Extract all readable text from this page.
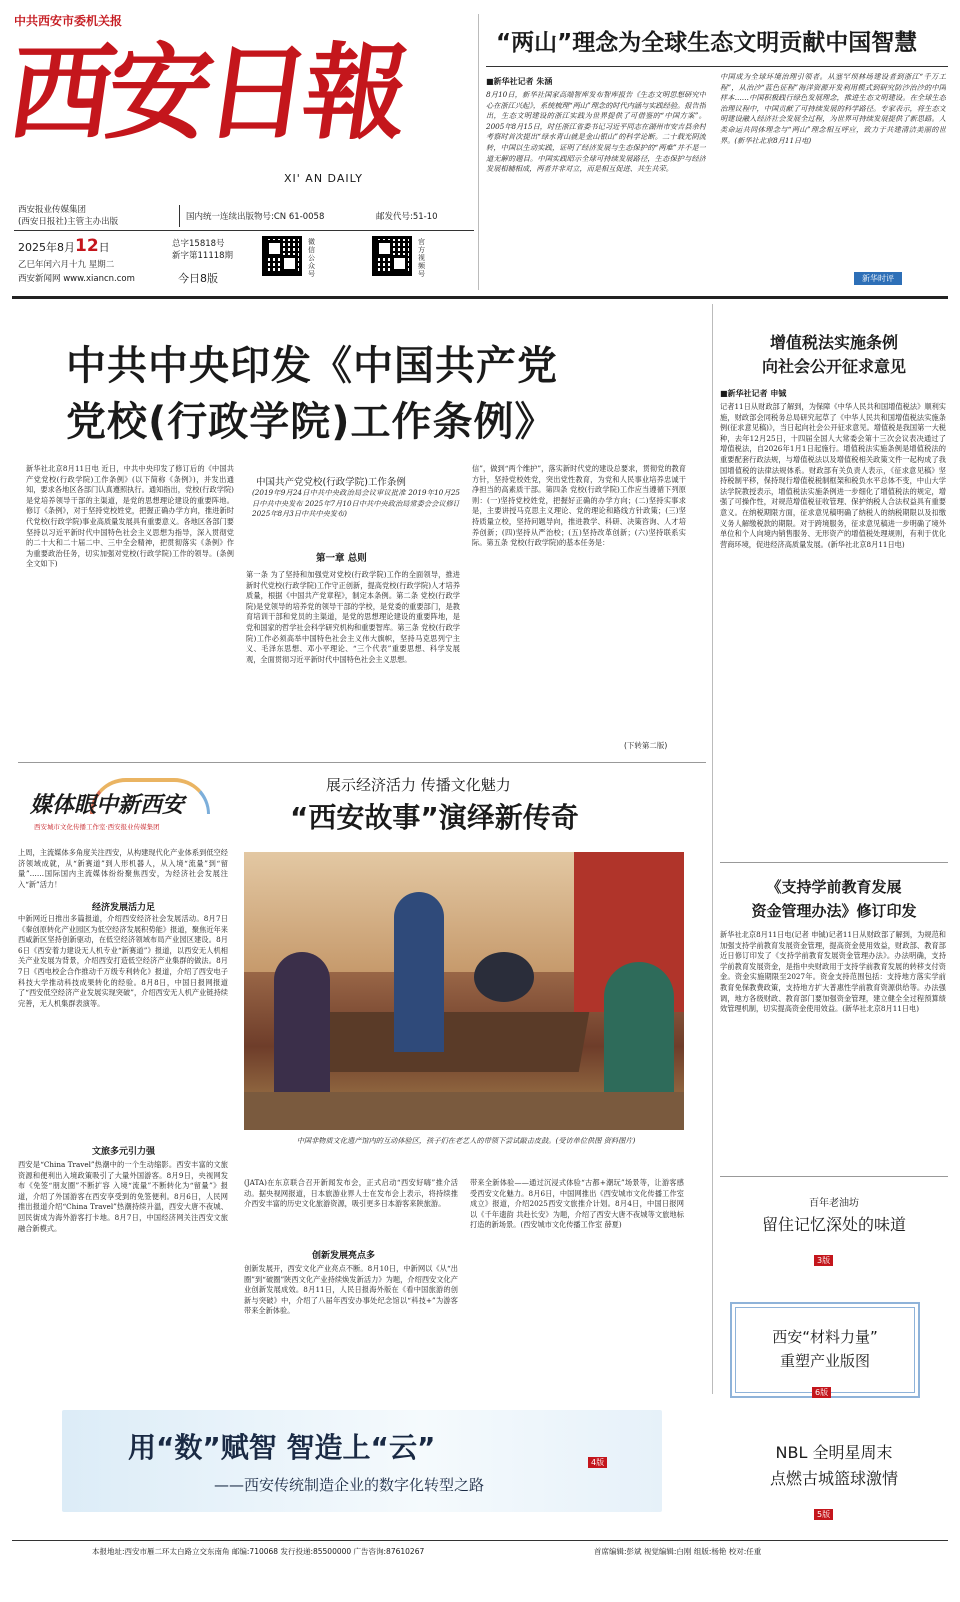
中共西安市委机关报
西安日報
XI' AN DAILY
西安报业传媒集团
(西安日报社)主管主办出版	国内统一连续出版物号:CN 61-0058	邮发代号:51-10
2025年8月12日
乙巳年闰六月十九 星期二
西安新闻网 www.xiancn.com
总字15818号
新字第11118期
今日8版
微信公众号
官方视频号
“两山”理念为全球生态文明贡献中国智慧
■新华社记者 朱涵
8月10日，新华社国家高端智库发布智库报告《生态文明思想研究中心在浙江兴起》，系统梳理“两山”理念的时代内涵与实践经验。报告指出，生态文明建设的浙江实践为世界提供了可借鉴的“中国方案”。2005年8月15日，时任浙江省委书记习近平同志在湖州市安吉县余村考察时首次提出“绿水青山就是金山银山”的科学论断。二十载光阴流转，中国以生动实践，证明了经济发展与生态保护的“两难”并不是一道无解的题目。中国实践昭示全球可持续发展路径，生态保护与经济发展相辅相成，两者并非对立，而是相互促进、共生共荣。
中国成为全球环境治理引领者。从塞罕坝林场建设者到浙江“千万工程”，从治沙“蓝色征程”海洋资源开发利用模式到研究防沙治沙的中国样本……中国积极践行绿色发展理念，推进生态文明建设。在全球生态治理议程中，中国贡献了可持续发展的科学路径。专家表示，将生态文明建设融入经济社会发展全过程，为世界可持续发展提供了新思路。人类命运共同体理念与“两山”理念相互呼应，致力于共建清洁美丽的世界。(新华社北京8月11日电)
新华时评
中共中央印发《中国共产党
党校(行政学院)工作条例》
新华社北京8月11日电 近日，中共中央印发了修订后的《中国共产党党校(行政学院)工作条例》(以下简称《条例》)，并发出通知，要求各地区各部门认真遵照执行。通知指出，党校(行政学院)是党培养领导干部的主渠道，是党的思想理论建设的重要阵地。修订《条例》，对于坚持党校姓党，把握正确办学方向，推进新时代党校(行政学院)事业高质量发展具有重要意义。各地区各部门要坚持以习近平新时代中国特色社会主义思想为指导，深入贯彻党的二十大和二十届二中、三中全会精神，把贯彻落实《条例》作为重要政治任务，切实加强对党校(行政学院)工作的领导。(条例全文如下)
中国共产党党校(行政学院)工作条例
(2019年9月24日中共中央政治局会议审议批准 2019年10月25日中共中央发布 2025年7月10日中共中央政治局常委会会议修订 2025年8月3日中共中央发布)
第一章 总则
第一条 为了坚持和加强党对党校(行政学院)工作的全面领导，推进新时代党校(行政学院)工作守正创新，提高党校(行政学院)人才培养质量，根据《中国共产党章程》，制定本条例。第二条 党校(行政学院)是党领导的培养党的领导干部的学校，是党委的重要部门，是教育培训干部和党员的主渠道，是党的思想理论建设的重要阵地，是党和国家的哲学社会科学研究机构和重要智库。第三条 党校(行政学院)工作必须高举中国特色社会主义伟大旗帜，坚持马克思列宁主义、毛泽东思想、邓小平理论、“三个代表”重要思想、科学发展观，全面贯彻习近平新时代中国特色社会主义思想。
信”，做到“两个维护”，落实新时代党的建设总要求，贯彻党的教育方针，坚持党校姓党，突出党性教育，为党和人民事业培养忠诚干净担当的高素质干部。第四条 党校(行政学院)工作应当遵循下列原则：(一)坚持党校姓党，把握好正确的办学方向；(二)坚持实事求是，主要讲授马克思主义理论、党的理论和路线方针政策；(三)坚持质量立校，坚持问题导向，推进教学、科研、决策咨询、人才培养创新；(四)坚持从严治校；(五)坚持改革创新；(六)坚持联系实际。第五条 党校(行政学院)的基本任务是：
(下转第二版)
增值税法实施条例
向社会公开征求意见
■新华社记者 申铖
记者11日从财政部了解到，为保障《中华人民共和国增值税法》顺利实施，财政部会同税务总局研究起草了《中华人民共和国增值税法实施条例(征求意见稿)》，当日起向社会公开征求意见。增值税是我国第一大税种，去年12月25日，十四届全国人大常委会第十三次会议表决通过了增值税法，自2026年1月1日起施行。增值税法实施条例是增值税法的重要配套行政法规，与增值税法以及增值税相关政策文件一起构成了我国增值税的法律法规体系。财政部有关负责人表示，《征求意见稿》坚持税制平移，保持现行增值税税制框架和税负水平总体不变，中山大学法学院教授表示，增值税法实施条例进一步细化了增值税法的规定，增强了可操作性，对规范增值税征收管理、保护纳税人合法权益具有重要意义。在纳税期限方面，征求意见稿明确了纳税人的纳税期限以及扣缴义务人解缴税款的期限。对于跨境服务，征求意见稿进一步明确了境外单位和个人向境内销售服务、无形资产的增值税处理规则，有利于优化营商环境，促进经济高质量发展。(新华社北京8月11日电)
《支持学前教育发展
资金管理办法》修订印发
新华社北京8月11日电(记者 申铖)记者11日从财政部了解到，为规范和加强支持学前教育发展资金管理，提高资金使用效益，财政部、教育部近日修订印发了《支持学前教育发展资金管理办法》。办法明确，支持学前教育发展资金，是指中央财政用于支持学前教育发展的转移支付资金。资金实施期限至2027年。资金支持范围包括：支持地方落实学前教育免保教费政策，支持地方扩大普惠性学前教育资源供给等。办法强调，地方各级财政、教育部门要加强资金管理，建立健全全过程预算绩效管理机制，切实提高资金使用效益。(新华社北京8月11日电)
媒体眼中新西安
西安城市文化传播工作室·西安报业传媒集团
展示经济活力 传播文化魅力
“西安故事”演绎新传奇
上周，主流媒体多角度关注西安，从构建现代化产业体系到低空经济领域成就，从“新赛道”到人形机器人，从入境“流量”到“留量”……国际国内主流媒体纷纷聚焦西安，为经济社会发展注入“新”活力！
经济发展活力足
中新网近日推出多篇报道，介绍西安经济社会发展活动。8月7日《秦创原转化产业园区为低空经济发展积势能》报道，聚焦近年来西咸新区坚持创新驱动，在低空经济领域布局产业园区建设。8月6日《西安着力建设无人机专业“新赛道”》报道，以西安无人机相关产业发展为背景，介绍西安打造低空经济产业集群的做法。8月7日《西电校企合作推动千万级专利转化》报道，介绍了西安电子科技大学推动科技成果转化的经验。8月8日，中国日报网报道了“西安低空经济产业发展实现突破”，介绍西安无人机产业链持续完善，无人机集群表演等。
文旅多元引力强
西安是“China Travel”热潮中的一个生动缩影。西安丰富的文旅资源和便利出入境政策吸引了大量外国游客。8月9日，央视网发布《免签“朋友圈”不断扩容 入境“流量”不断转化为“留量”》报道，介绍了外国游客在西安享受到的免签便利。8月6日，人民网推出报道介绍“China Travel”热潮持续升温，西安大唐不夜城、回民街成为海外游客打卡地。8月7日，中国经济网关注西安文旅融合新模式。
中国非物质文化遗产馆内的互动体验区，孩子们在老艺人的带领下尝试敲击皮鼓。(受访单位供图 资料图片)
(JATA)在东京联合召开新闻发布会，正式启动“西安好嗨”推介活动。据央视网报道，日本旅游业界人士在发布会上表示，将持续推介西安丰富的历史文化旅游资源，吸引更多日本游客来陕旅游。
创新发展亮点多
创新发展开，西安文化产业亮点不断。8月10日，中新网以《从“出圈”到“破圈”陕西文化产业持续焕发新活力》为题，介绍西安文化产业创新发展成效。8月11日，人民日报海外版在《看中国旅游的创新与突破》中，介绍了八届年西安办事处纪念馆以“科技+”为游客带来全新体验。
带来全新体验——通过沉浸式体验“古都+潮玩”场景等，让游客感受西安文化魅力。8月6日，中国网推出《西安城市文化传播工作室成立》报道，介绍2025西安文旅推介计划。8月4日，中国日报网以《千年遗韵 共赴长安》为题，介绍了西安大唐不夜城等文旅地标打造的新场景。(西安城市文化传播工作室 薛夏)
百年老油坊
留住记忆深处的味道
3版
西安“材料力量”
重塑产业版图
6版
NBL 全明星周末
点燃古城篮球激情
5版
用“数”赋智 智造上“云”	4版
——西安传统制造企业的数字化转型之路
本报地址:西安市雁二环太白路立交东南角 邮编:710068 发行投递:85500000 广告咨询:87610267	首席编辑:彭斌 视觉编辑:白刚 组版:杨艳 校对:任重
